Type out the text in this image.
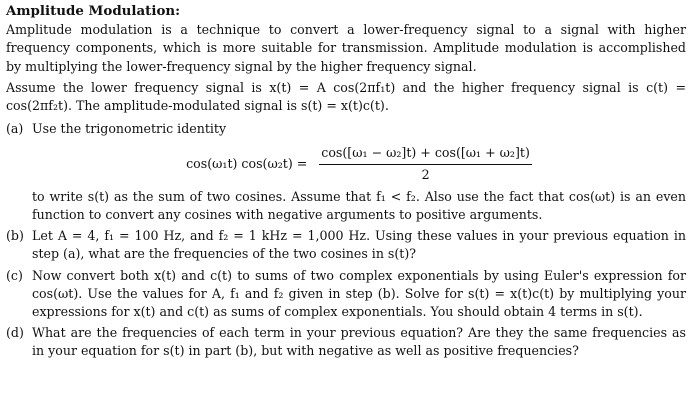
Amplitude Modulation:

Amplitude modulation is a technique to convert a lower-frequency signal to a signal with higher frequency components, which is more suitable for transmission. Amplitude modulation is accomplished by multiplying the lower-frequency signal by the higher frequency signal.

Assume the lower frequency signal is x(t) = A cos(2πf₁t) and the higher frequency signal is c(t) = cos(2πf₂t). The amplitude-modulated signal is s(t) = x(t)c(t).

(a) Use the trigonometric identity
cos(ω₁t) $\cos(\omega_2t) = \frac{\text{cos([ω₁ − ω₂]t) + cos([ω₁ + ω₂]t)}}{2}$
to write s(t) as the sum of two cosines. Assume that f₁ < f₂. Also use the fact that cos(ωt) is an even function to convert any cosines with negative arguments to positive arguments.
(b) Let A = 4, f₁ = 100 Hz, and f₂ = 1 kHz = 1,000 Hz. Using these values in your previous equation in step (a), what are the frequencies of the two cosines in s(t)?
(c) Now convert both x(t) and c(t) to sums of two complex exponentials by using Euler's expression for cos(ωt). Use the values for A, f₁ and f₂ given in step (b). Solve for s(t) = x(t)c(t) by multiplying your expressions for x(t) and c(t) as sums of complex exponentials. You should obtain 4 terms in s(t).
(d) What are the frequencies of each term in your previous equation? Are they the same frequencies as in your equation for s(t) in part (b), but with negative as well as positive frequencies?
